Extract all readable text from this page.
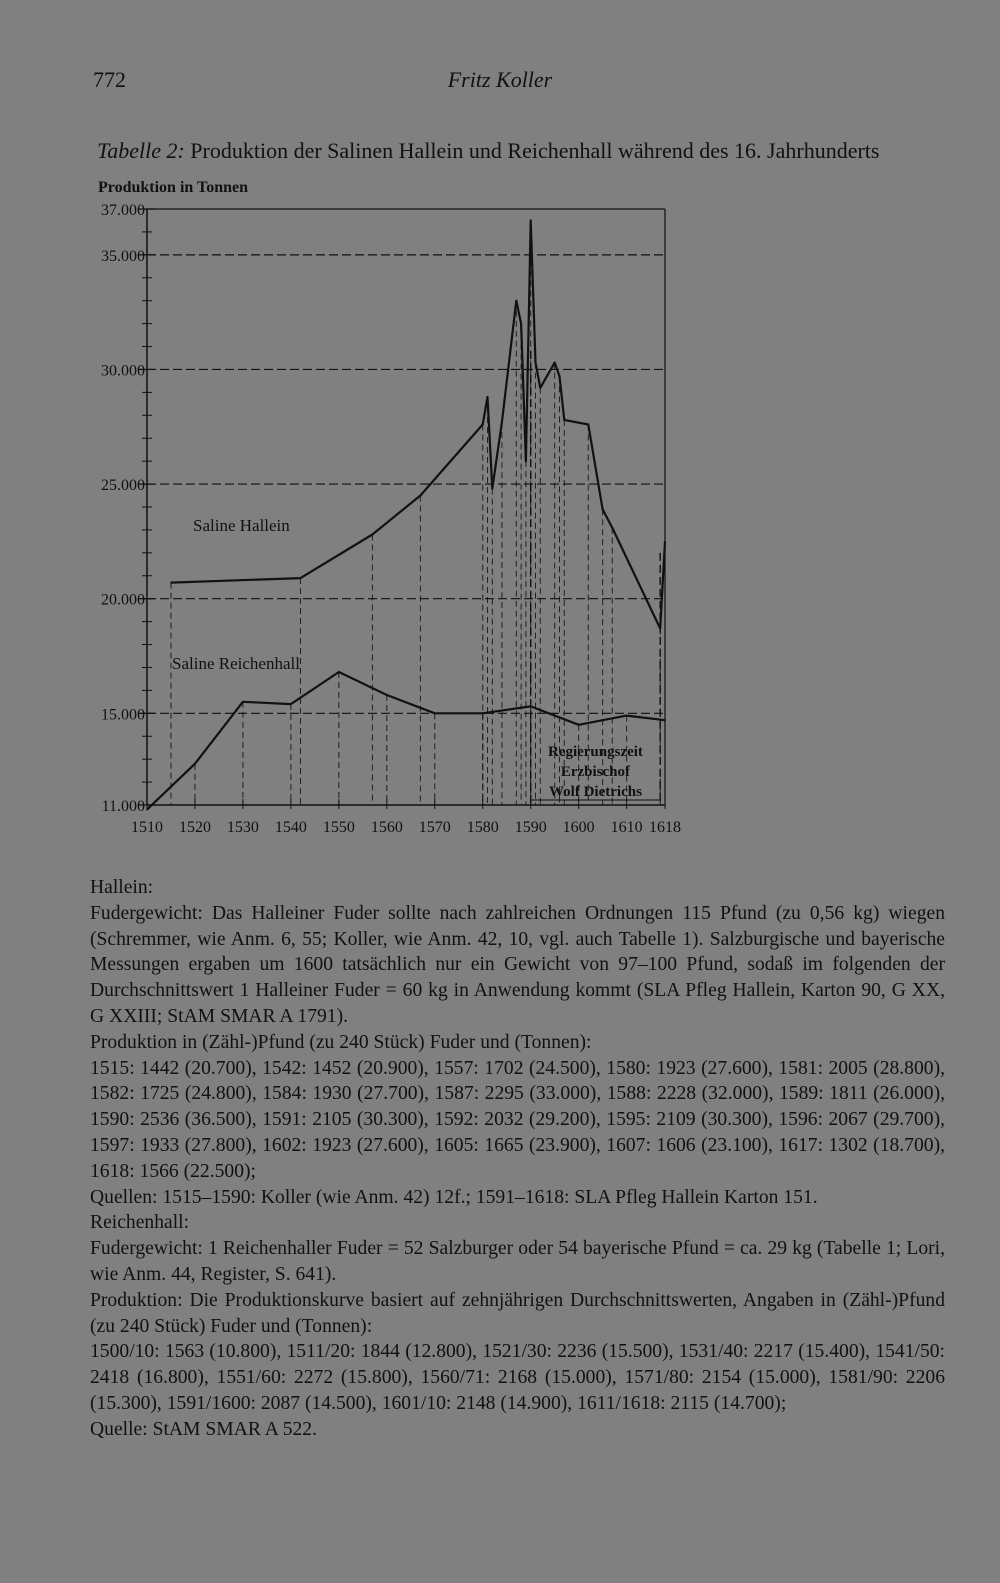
772	Fritz Koller
Tabelle 2: Produktion der Salinen Hallein und Reichenhall während des 16. Jahrhunderts
Produktion in Tonnen
37.000
35.000
30.000
25.000
20.000
15.000
11.000
1510 1520 1530 1540 1550 1560 1570 1580 1590 1600 1610 1618
Saline Hallein
Saline Reichenhall
Regierungszeit
Erzbischof
Wolf Dietrichs

Hallein:

Fudergewicht: Das Halleiner Fuder sollte nach zahlreichen Ordnungen 115 Pfund (zu 0,56 kg) wiegen (Schremmer, wie Anm. 6, 55; Koller, wie Anm. 42, 10, vgl. auch Tabelle 1). Salzburgische und bayerische Messungen ergaben um 1600 tatsächlich nur ein Gewicht von 97–100 Pfund, sodaß im folgenden der Durchschnittswert 1 Halleiner Fuder = 60 kg in Anwendung kommt (SLA Pfleg Hallein, Karton 90, G XX, G XXIII; StAM SMAR A 1791).

Produktion in (Zähl-)Pfund (zu 240 Stück) Fuder und (Tonnen):

1515: 1442 (20.700), 1542: 1452 (20.900), 1557: 1702 (24.500), 1580: 1923 (27.600), 1581: 2005 (28.800), 1582: 1725 (24.800), 1584: 1930 (27.700), 1587: 2295 (33.000), 1588: 2228 (32.000), 1589: 1811 (26.000), 1590: 2536 (36.500), 1591: 2105 (30.300), 1592: 2032 (29.200), 1595: 2109 (30.300), 1596: 2067 (29.700), 1597: 1933 (27.800), 1602: 1923 (27.600), 1605: 1665 (23.900), 1607: 1606 (23.100), 1617: 1302 (18.700), 1618: 1566 (22.500);

Quellen: 1515–1590: Koller (wie Anm. 42) 12f.; 1591–1618: SLA Pfleg Hallein Karton 151.

Reichenhall:

Fudergewicht: 1 Reichenhaller Fuder = 52 Salzburger oder 54 bayerische Pfund = ca. 29 kg (Tabelle 1; Lori, wie Anm. 44, Register, S. 641).

Produktion: Die Produktionskurve basiert auf zehnjährigen Durchschnittswerten, Angaben in (Zähl-)Pfund (zu 240 Stück) Fuder und (Tonnen):

1500/10: 1563 (10.800), 1511/20: 1844 (12.800), 1521/30: 2236 (15.500), 1531/40: 2217 (15.400), 1541/50: 2418 (16.800), 1551/60: 2272 (15.800), 1560/71: 2168 (15.000), 1571/80: 2154 (15.000), 1581/90: 2206 (15.300), 1591/1600: 2087 (14.500), 1601/10: 2148 (14.900), 1611/1618: 2115 (14.700);

Quelle: StAM SMAR A 522.
